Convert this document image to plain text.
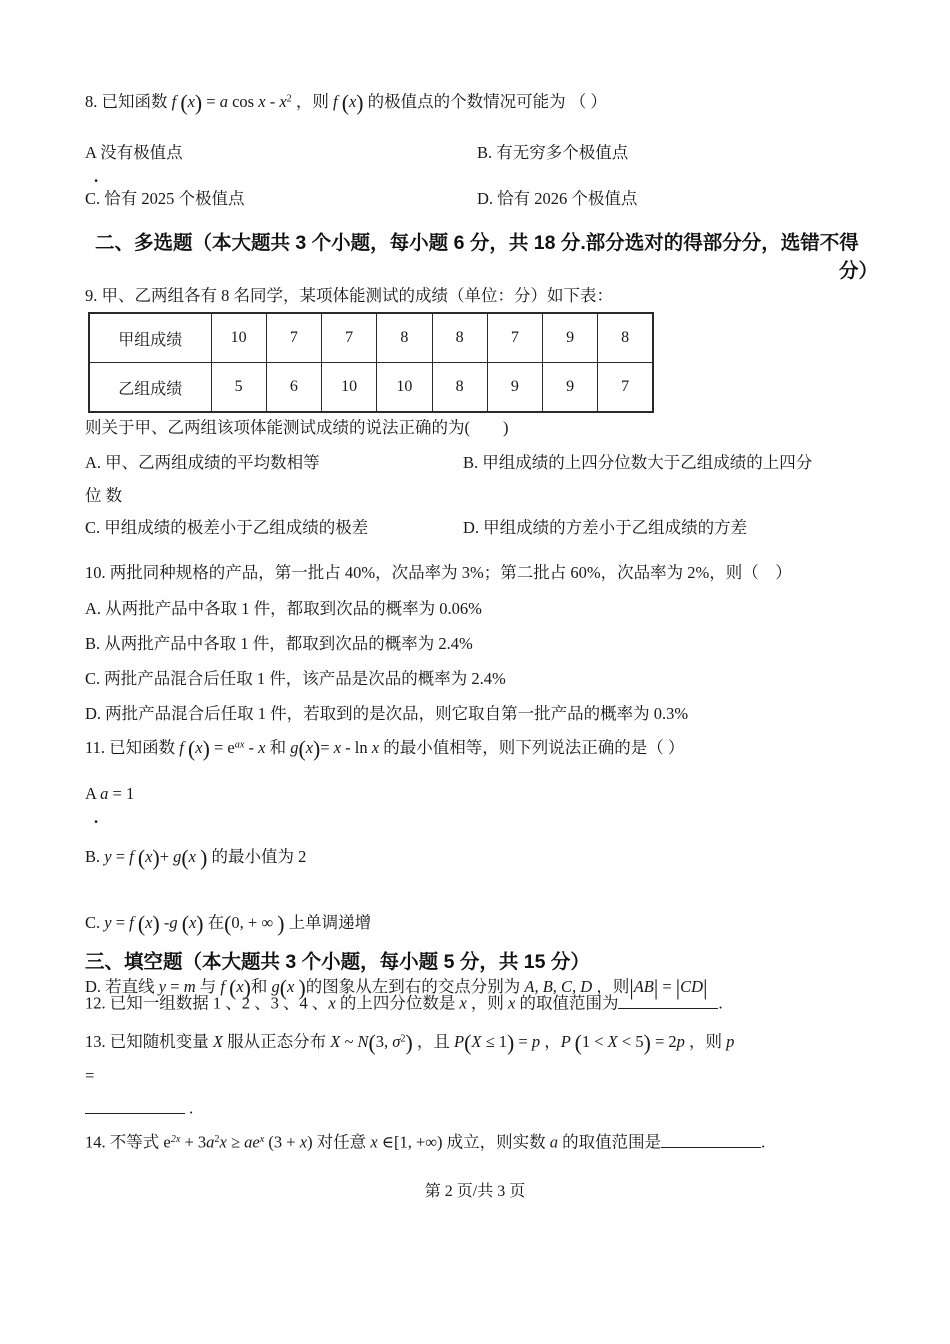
8. 已知函数 f (x) = a cos x - $x^2$ ，则 f (x) 的极值点的个数情况可能为 （ ）
A 没有极值点
.
B. 有无穷多个极值点
C. 恰有 2025 个极值点	D. 恰有 2026 个极值点
二、多选题（本大题共 3 个小题，每小题 6 分，共 18 分.部分选对的得部分分，选错不得
分）
9. 甲、乙两组各有 8 名同学，某项体能测试的成绩（单位：分）如下表：
甲组成绩	10	7	7	8	8	7	9	8
乙组成绩	5	6	10	10	8	9	9	7
则关于甲、乙两组该项体能测试成绩的说法正确的为(　　)
A. 甲、乙两组成绩的平均数相等	B. 甲组成绩的上四分位数大于乙组成绩的上四分
位 数
C. 甲组成绩的极差小于乙组成绩的极差	D. 甲组成绩的方差小于乙组成绩的方差
10. 两批同种规格的产品，第一批占 40%，次品率为 3%；第二批占 60%，次品率为 2%，则（　）
A. 从两批产品中各取 1 件，都取到次品的概率为 0.06%
B. 从两批产品中各取 1 件，都取到次品的概率为 2.4%
C. 两批产品混合后任取 1 件，该产品是次品的概率为 2.4%
D. 两批产品混合后任取 1 件，若取到的是次品，则它取自第一批产品的概率为 0.3%
11. 已知函数 f $(x) = e^{ax} - x$ 和 g(x)= x - ln x 的最小值相等，则下列说法正确的是（ ）
A a = 1
.
B. y = f (x)+ g(x ) 的最小值为 2
C. y = f (x) -g (x) 在(0, + ∞ ) 上单调递增
D. 若直线 y = m 与 f (x)和 g(x )的图象从左到右的交点分别为 A, B, C, D ，则|AB| = |CD|
三、填空题（本大题共 3 个小题，每小题 5 分，共 15 分）
12. 已知一组数据 1 、2 、3 、4 、x 的上四分位数是 x ，则 x 的取值范围为	.
13. 已知随机变量 X 服从正态分布 X ~ N(3, $\sigma^2$) ，且 P(X ≤ 1) = p ，P (1 < X < 5) = 2p ，则 p
=
.
14. 不等式 $e^{2x} + 3a^2x \ge ae^x$ (3 + x) 对任意 x ∈[1, +∞) 成立，则实数 a 的取值范围是	.
第 2 页/共 3 页
